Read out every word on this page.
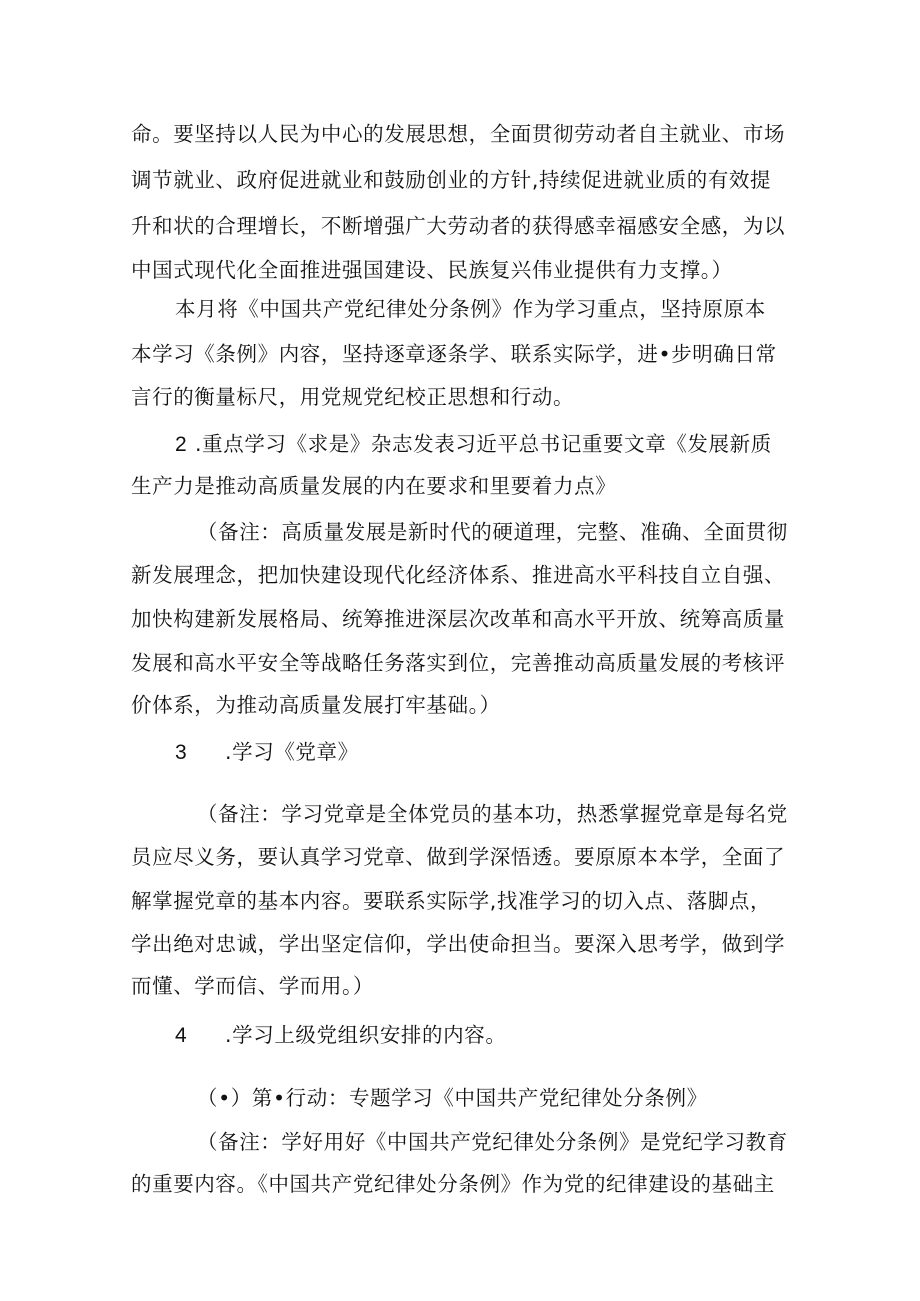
命。要坚持以人民为中心的发展思想，全面贯彻劳动者自主就业、市场
调节就业、政府促进就业和鼓励创业的方针,持续促进就业质的有效提
升和状的合理增长，不断增强广大劳动者的获得感幸福感安全感，为以
中国式现代化全面推进强国建设、民族复兴伟业提供有力支撑。）
本月将《中国共产党纪律处分条例》作为学习重点，坚持原原本
本学习《条例》内容，坚持逐章逐条学、联系实际学，进•步明确日常
言行的衡量标尺，用党规党纪校正思想和行动。
2 .重点学习《求是》杂志发表习近平总书记重要文章《发展新质
生产力是推动高质量发展的内在要求和里要着力点》
（备注：高质量发展是新时代的硬道理，完整、准确、全面贯彻
新发展理念，把加快建设现代化经济体系、推进高水平科技自立自强、
加快构建新发展格局、统筹推进深层次改革和高水平开放、统筹高质量
发展和高水平安全等战略任务落实到位，完善推动高质量发展的考核评
价体系，为推动高质量发展打牢基础。）
3 .学习《党章》
（备注：学习党章是全体党员的基本功，热悉掌握党章是每名党
员应尽义务，要认真学习党章、做到学深悟透。要原原本本学，全面了
解掌握党章的基本内容。要联系实际学,找准学习的切入点、落脚点，
学出绝对忠诚，学出坚定信仰，学出使命担当。要深入思考学，做到学
而懂、学而信、学而用。）
4 .学习上级党组织安排的内容。
（•）第•行动：专题学习《中国共产党纪律处分条例》
（备注：学好用好《中国共产党纪律处分条例》是党纪学习教育
的重要内容。《中国共产党纪律处分条例》作为党的纪律建设的基础主
